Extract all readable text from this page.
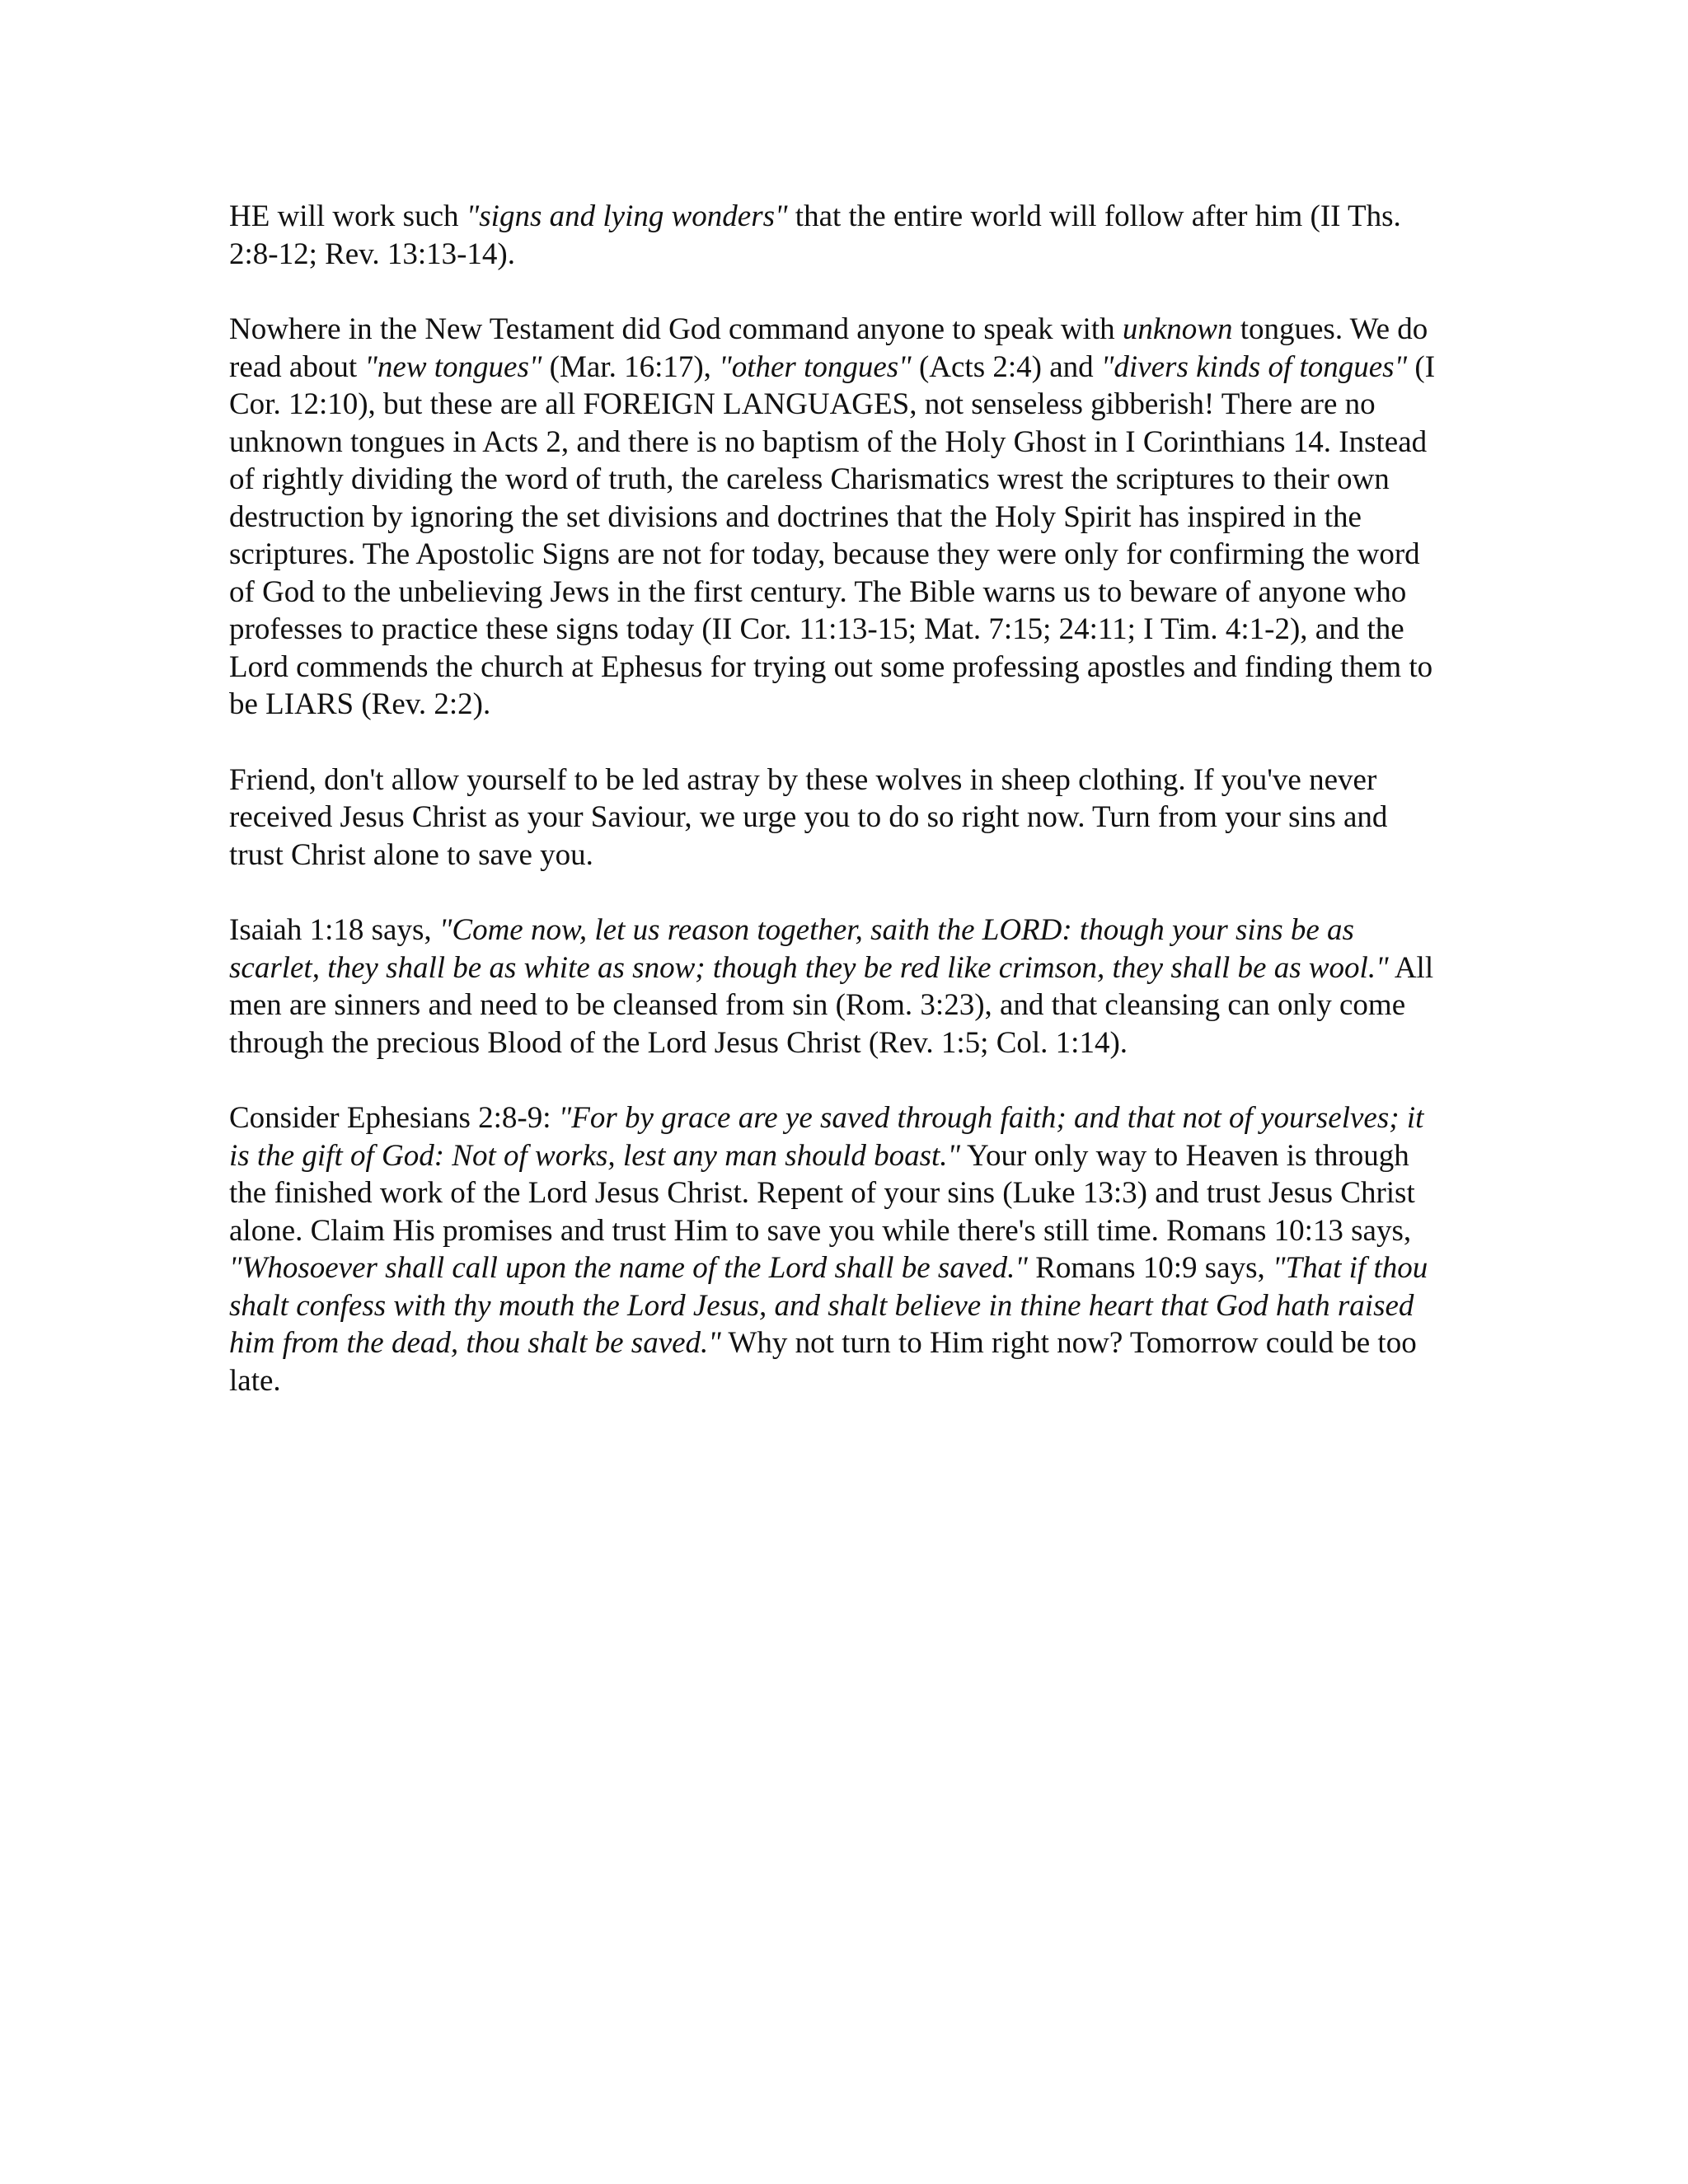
HE will work such "signs and lying wonders" that the entire world will follow after him (II Ths. 2:8-12; Rev. 13:13-14).

Nowhere in the New Testament did God command anyone to speak with unknown tongues. We do read about "new tongues" (Mar. 16:17), "other tongues" (Acts 2:4) and "divers kinds of tongues" (I Cor. 12:10), but these are all FOREIGN LANGUAGES, not senseless gibberish! There are no unknown tongues in Acts 2, and there is no baptism of the Holy Ghost in I Corinthians 14. Instead of rightly dividing the word of truth, the careless Charismatics wrest the scriptures to their own destruction by ignoring the set divisions and doctrines that the Holy Spirit has inspired in the scriptures. The Apostolic Signs are not for today, because they were only for confirming the word of God to the unbelieving Jews in the first century. The Bible warns us to beware of anyone who professes to practice these signs today (II Cor. 11:13-15; Mat. 7:15; 24:11; I Tim. 4:1-2), and the Lord commends the church at Ephesus for trying out some professing apostles and finding them to be LIARS (Rev. 2:2).

Friend, don't allow yourself to be led astray by these wolves in sheep clothing. If you've never received Jesus Christ as your Saviour, we urge you to do so right now. Turn from your sins and trust Christ alone to save you.

Isaiah 1:18 says, "Come now, let us reason together, saith the LORD: though your sins be as scarlet, they shall be as white as snow; though they be red like crimson, they shall be as wool." All men are sinners and need to be cleansed from sin (Rom. 3:23), and that cleansing can only come through the precious Blood of the Lord Jesus Christ (Rev. 1:5; Col. 1:14).

Consider Ephesians 2:8-9: "For by grace are ye saved through faith; and that not of yourselves; it is the gift of God: Not of works, lest any man should boast." Your only way to Heaven is through the finished work of the Lord Jesus Christ. Repent of your sins (Luke 13:3) and trust Jesus Christ alone. Claim His promises and trust Him to save you while there's still time. Romans 10:13 says, "Whosoever shall call upon the name of the Lord shall be saved." Romans 10:9 says, "That if thou shalt confess with thy mouth the Lord Jesus, and shalt believe in thine heart that God hath raised him from the dead, thou shalt be saved." Why not turn to Him right now? Tomorrow could be too late.
